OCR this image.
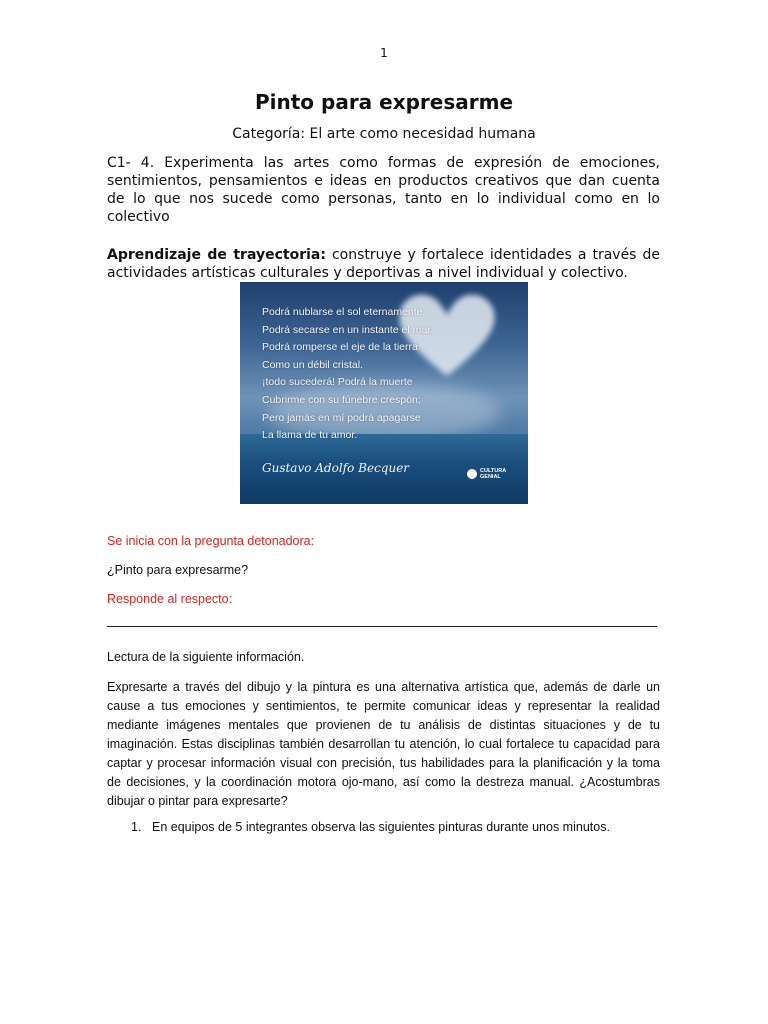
1
Pinto para expresarme
Categoría: El arte como necesidad humana

C1- 4. Experimenta las artes como formas de expresión de emociones, sentimientos, pensamientos e ideas en productos creativos que dan cuenta de lo que nos sucede como personas, tanto en lo individual como en lo colectivo

Aprendizaje de trayectoria: construye y fortalece identidades a través de actividades artísticas culturales y deportivas a nivel individual y colectivo.

Podrá nublarse el sol eternamente;
Podrá secarse en un instante el mar;
Podrá romperse el eje de la tierra
Como un débil cristal.
¡todo sucederá! Podrá la muerte
Cubrirme con su fúnebre crespón;
Pero jamás en mí podrá apagarse
La llama de tu amor.
Gustavo Adolfo Becquer	CULTURA
GENIAL

Se inicia con la pregunta detonadora:

¿Pinto para expresarme?

Responde al respecto:

Lectura de la siguiente información.

Expresarte a través del dibujo y la pintura es una alternativa artística que, además de darle un cause a tus emociones y sentimientos, te permite comunicar ideas y representar la realidad mediante imágenes mentales que provienen de tu análisis de distintas situaciones y de tu imaginación. Estas disciplinas también desarrollan tu atención, lo cual fortalece tu capacidad para captar y procesar información visual con precisión, tus habilidades para la planificación y la toma de decisiones, y la coordinación motora ojo-mano, así como la destreza manual. ¿Acostumbras dibujar o pintar para expresarte?

1. En equipos de 5 integrantes observa las siguientes pinturas durante unos minutos.
